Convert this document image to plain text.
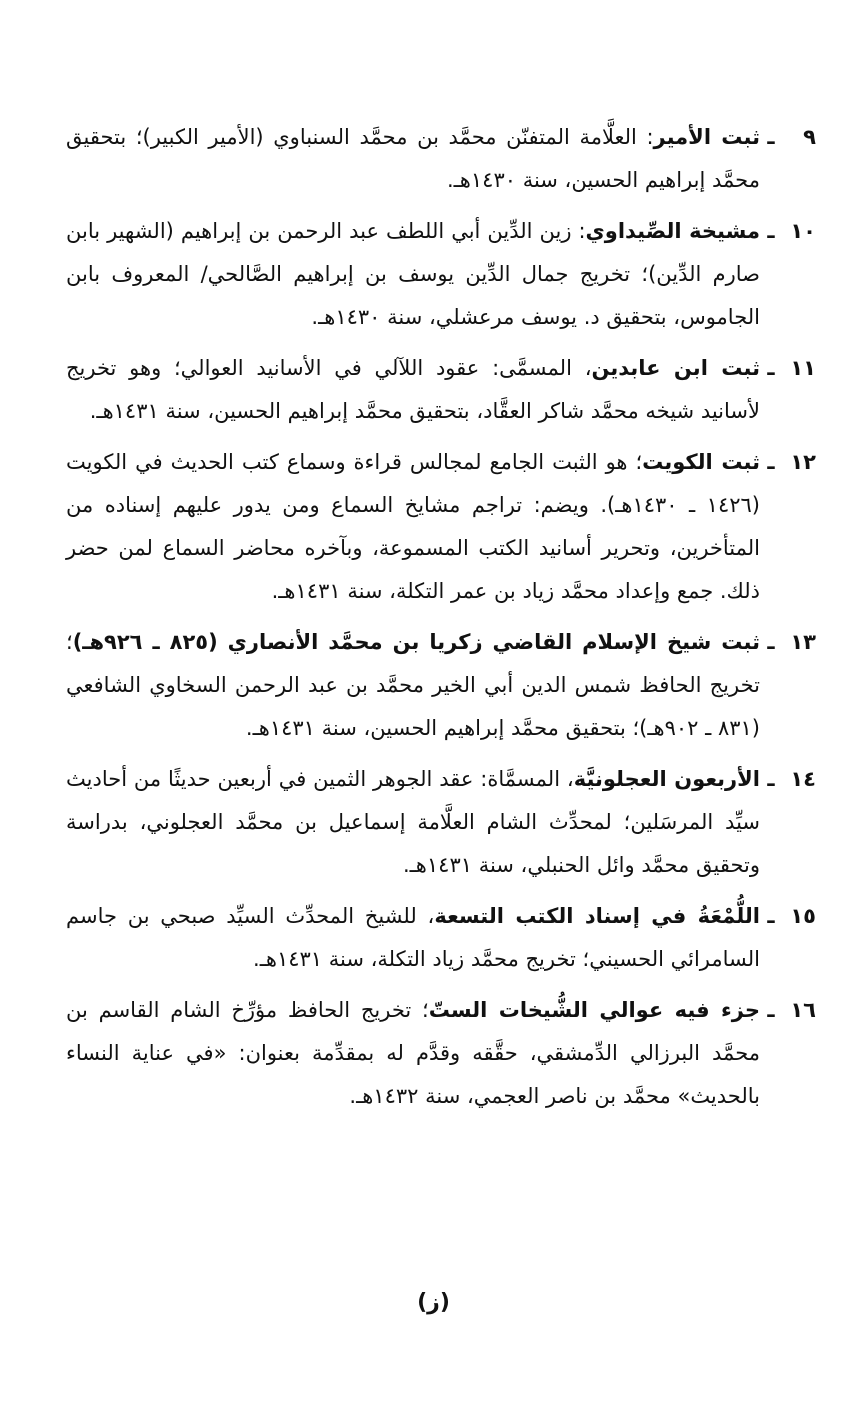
٩
ـ
ثبت الأمير: العلَّامة المتفنّن محمَّد بن محمَّد السنباوي (الأمير الكبير)؛ بتحقيق محمَّد إبراهيم الحسين، سنة ١٤٣٠هـ.
١٠
ـ
مشيخة الصِّيداوي: زين الدِّين أبي اللطف عبد الرحمن بن إبراهيم (الشهير بابن صارم الدِّين)؛ تخريج جمال الدِّين يوسف بن إبراهيم الصَّالحي/ المعروف بابن الجاموس، بتحقيق د. يوسف مرعشلي، سنة ١٤٣٠هـ.
١١
ـ
ثبت ابن عابدين، المسمَّى: عقود اللآلي في الأسانيد العوالي؛ وهو تخريج لأسانيد شيخه محمَّد شاكر العقَّاد، بتحقيق محمَّد إبراهيم الحسين، سنة ١٤٣١هـ.
١٢
ـ
ثبت الكويت؛ هو الثبت الجامع لمجالس قراءة وسماع كتب الحديث في الكويت (١٤٢٦ ـ ١٤٣٠هـ). ويضم: تراجم مشايخ السماع ومن يدور عليهم إسناده من المتأخرين، وتحرير أسانيد الكتب المسموعة، وبآخره محاضر السماع لمن حضر ذلك. جمع وإعداد محمَّد زياد بن عمر التكلة، سنة ١٤٣١هـ.
١٣
ـ
ثبت شيخ الإسلام القاضي زكريا بن محمَّد الأنصاري (٨٢٥ ـ ٩٢٦هـ)؛ تخريج الحافظ شمس الدين أبي الخير محمَّد بن عبد الرحمن السخاوي الشافعي (٨٣١ ـ ٩٠٢هـ)؛ بتحقيق محمَّد إبراهيم الحسين، سنة ١٤٣١هـ.
١٤
ـ
الأربعون العجلونيَّة، المسمَّاة: عقد الجوهر الثمين في أربعين حديثًا من أحاديث سيِّد المرسَلين؛ لمحدِّث الشام العلَّامة إسماعيل بن محمَّد العجلوني، بدراسة وتحقيق محمَّد وائل الحنبلي، سنة ١٤٣١هـ.
١٥
ـ
اللُّمْعَةُ في إسناد الكتب التسعة، للشيخ المحدِّث السيِّد صبحي بن جاسم السامرائي الحسيني؛ تخريج محمَّد زياد التكلة، سنة ١٤٣١هـ.
١٦
ـ
جزء فيه عوالي الشُّيخات الستّ؛ تخريج الحافظ مؤرِّخ الشام القاسم بن محمَّد البرزالي الدِّمشقي، حقَّقه وقدَّم له بمقدِّمة بعنوان: «في عناية النساء بالحديث» محمَّد بن ناصر العجمي، سنة ١٤٣٢هـ.
(ز)
